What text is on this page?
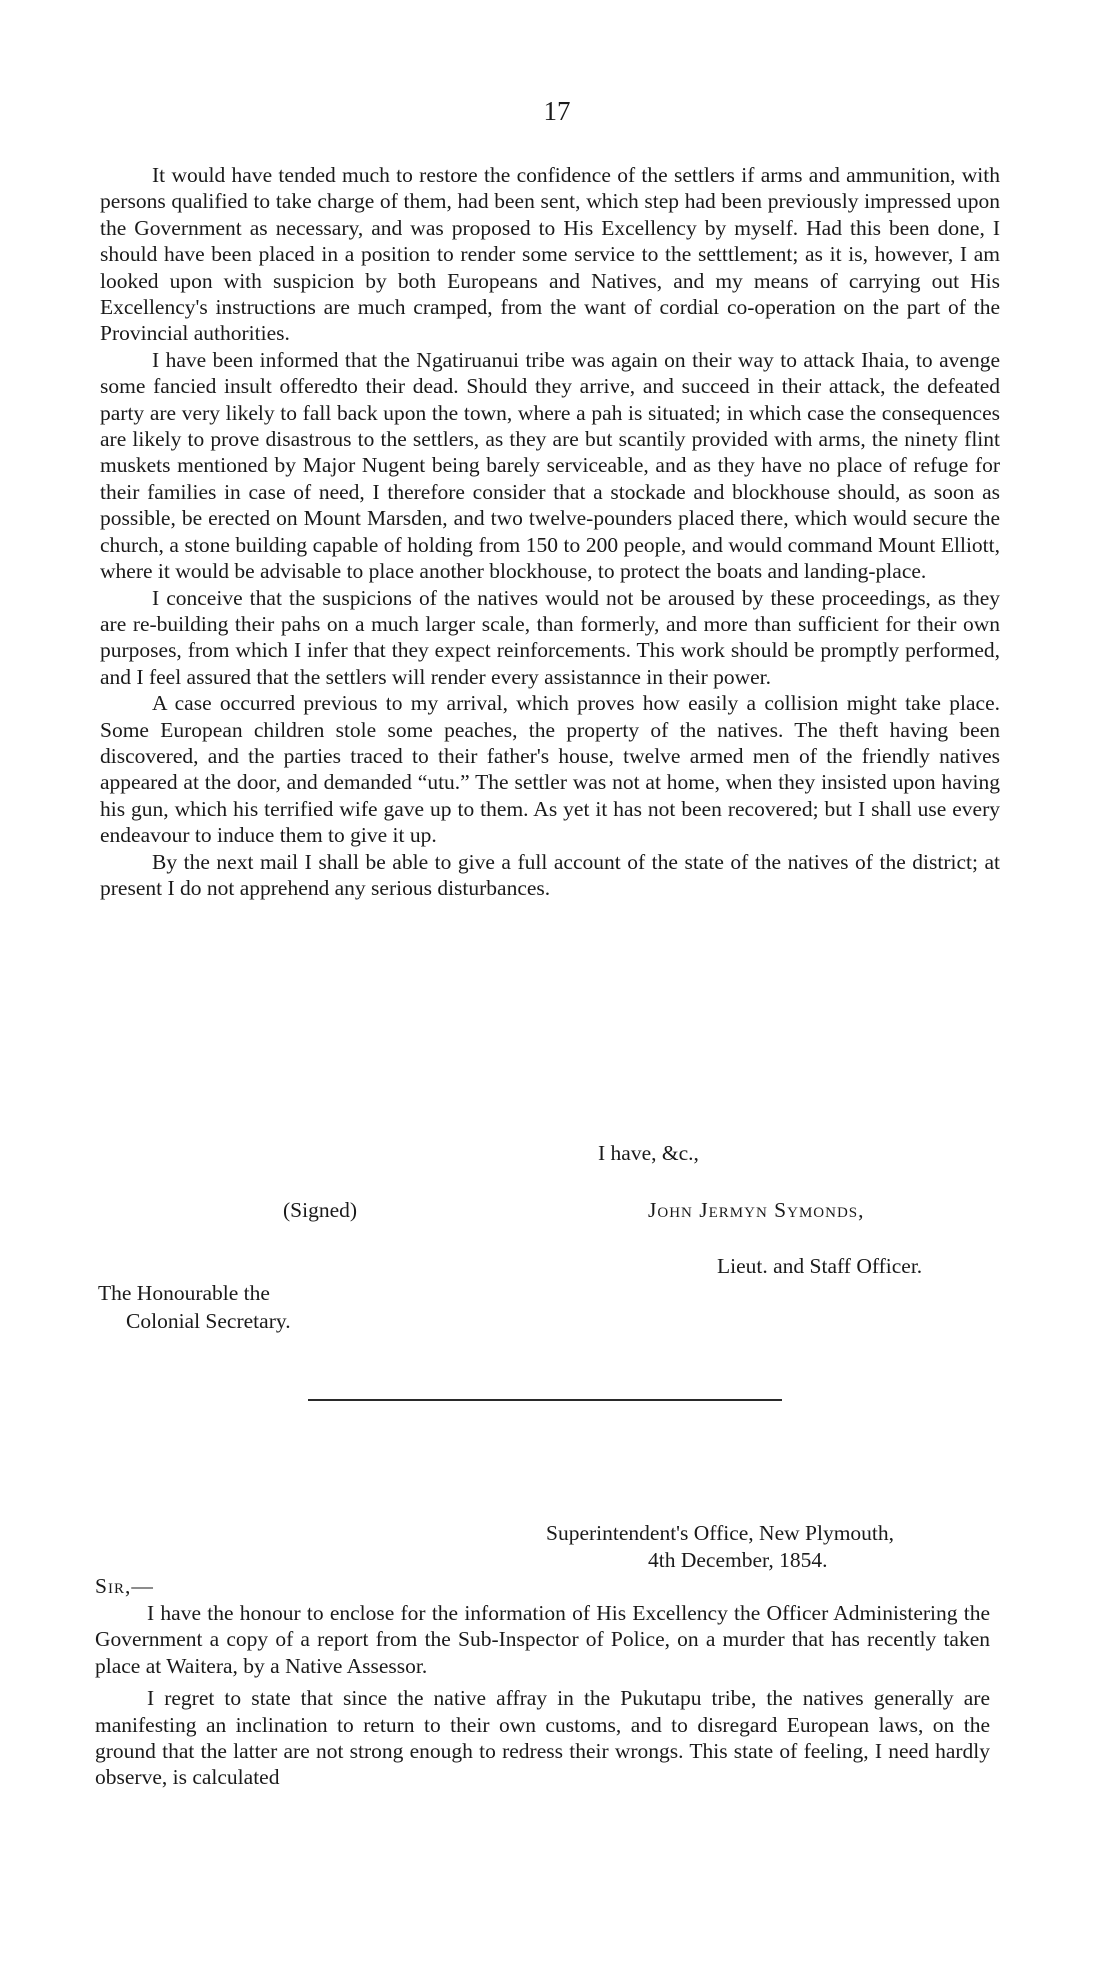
17

It would have tended much to restore the confidence of the settlers if arms and ammunition, with persons qualified to take charge of them, had been sent, which step had been previously impressed upon the Government as necessary, and was proposed to His Excellency by myself. Had this been done, I should have been placed in a position to render some service to the setttlement; as it is, however, I am looked upon with suspicion by both Europeans and Natives, and my means of carrying out His Excellency's instructions are much cramped, from the want of cordial co-operation on the part of the Provincial authorities.

I have been informed that the Ngatiruanui tribe was again on their way to attack Ihaia, to avenge some fancied insult offeredto their dead. Should they arrive, and succeed in their attack, the defeated party are very likely to fall back upon the town, where a pah is situated; in which case the consequences are likely to prove disastrous to the settlers, as they are but scantily provided with arms, the ninety flint muskets mentioned by Major Nugent being barely serviceable, and as they have no place of refuge for their families in case of need, I therefore consider that a stockade and blockhouse should, as soon as possible, be erected on Mount Marsden, and two twelve-pounders placed there, which would secure the church, a stone building capable of holding from 150 to 200 people, and would command Mount Elliott, where it would be advisable to place another blockhouse, to protect the boats and landing-place.

I conceive that the suspicions of the natives would not be aroused by these proceedings, as they are re-building their pahs on a much larger scale, than formerly, and more than sufficient for their own purposes, from which I infer that they expect reinforcements. This work should be promptly performed, and I feel assured that the settlers will render every assistannce in their power.

A case occurred previous to my arrival, which proves how easily a collision might take place. Some European children stole some peaches, the property of the natives. The theft having been discovered, and the parties traced to their father's house, twelve armed men of the friendly natives appeared at the door, and demanded “utu.” The settler was not at home, when they insisted upon having his gun, which his terrified wife gave up to them. As yet it has not been recovered; but I shall use every endeavour to induce them to give it up.

By the next mail I shall be able to give a full account of the state of the natives of the district; at present I do not apprehend any serious disturbances.

I have, &c.,
(Signed)	John Jermyn Symonds,
Lieut. and Staff Officer.
The Honourable the
Colonial Secretary.
Superintendent's Office, New Plymouth,
4th December, 1854.
Sir,—

I have the honour to enclose for the information of His Excellency the Officer Administering the Government a copy of a report from the Sub-Inspector of Police, on a murder that has recently taken place at Waitera, by a Native Assessor.

I regret to state that since the native affray in the Pukutapu tribe, the natives generally are manifesting an inclination to return to their own customs, and to disregard European laws, on the ground that the latter are not strong enough to redress their wrongs. This state of feeling, I need hardly observe, is calculated
